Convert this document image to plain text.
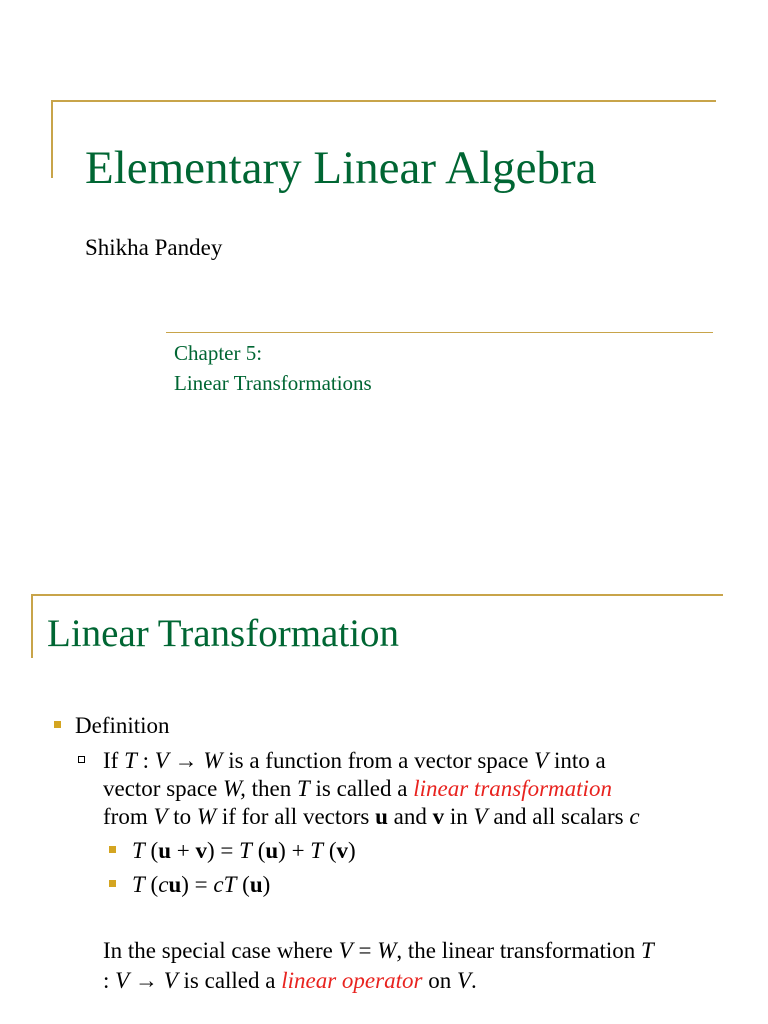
Elementary Linear Algebra
Shikha Pandey
Chapter 5:
Linear Transformations
Linear Transformation
Definition
If T : V → W is a function from a vector space V into a
vector space W, then T is called a linear transformation
from V to W if for all vectors u and v in V and all scalars c
T (u + v) = T (u) + T (v)
T (cu) = cT (u)
In the special case where V = W, the linear transformation T
: V → V is called a linear operator on V.
